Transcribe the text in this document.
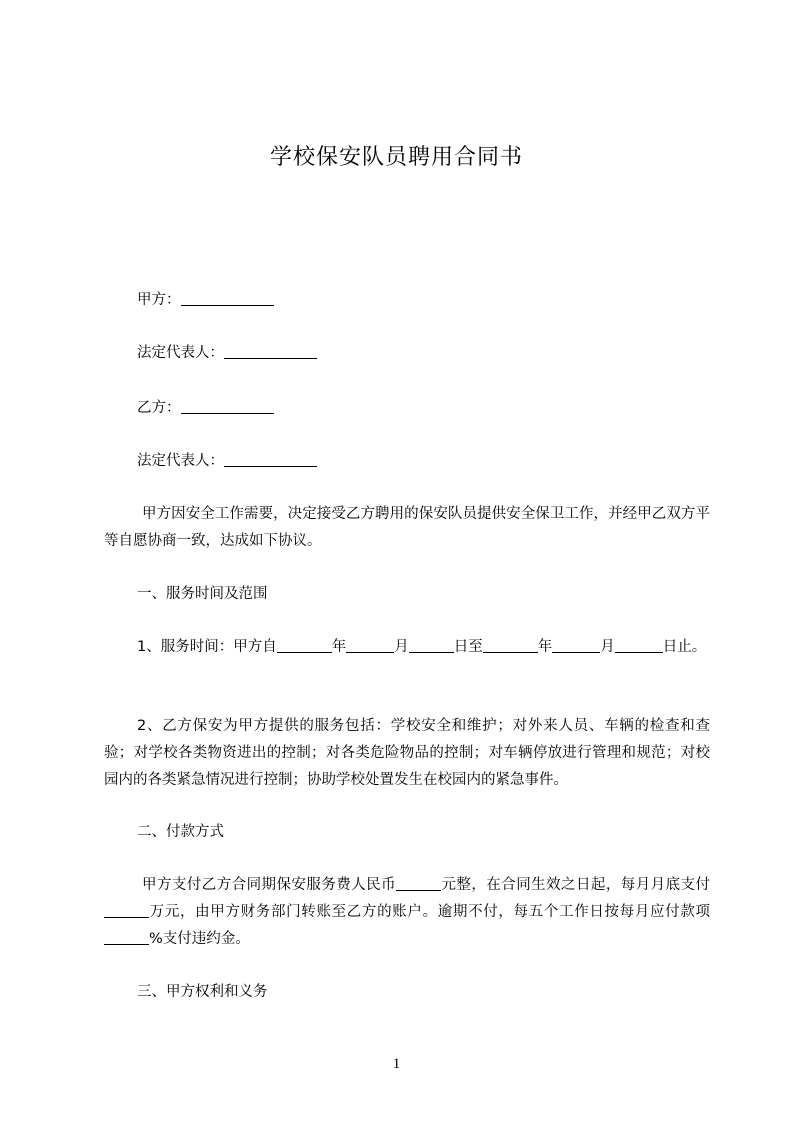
学校保安队员聘用合同书
甲方：
法定代表人：
乙方：
法定代表人：
甲方因安全工作需要，决定接受乙方聘用的保安队员提供安全保卫工作，并经甲乙双方平等自愿协商一致，达成如下协议。
一、服务时间及范围
1、服务时间：甲方自	年	月	日至	年	月	日止。
2、乙方保安为甲方提供的服务包括：学校安全和维护；对外来人员、车辆的检查和查验；对学校各类物资进出的控制；对各类危险物品的控制；对车辆停放进行管理和规范；对校园内的各类紧急情况进行控制；协助学校处置发生在校园内的紧急事件。
二、付款方式
甲方支付乙方合同期保安服务费人民币	元整，在合同生效之日起，每月月底支付万元，由甲方财务部门转账至乙方的账户。逾期不付，每五个工作日按每月应付款项%支付违约金。
三、甲方权利和义务
1
